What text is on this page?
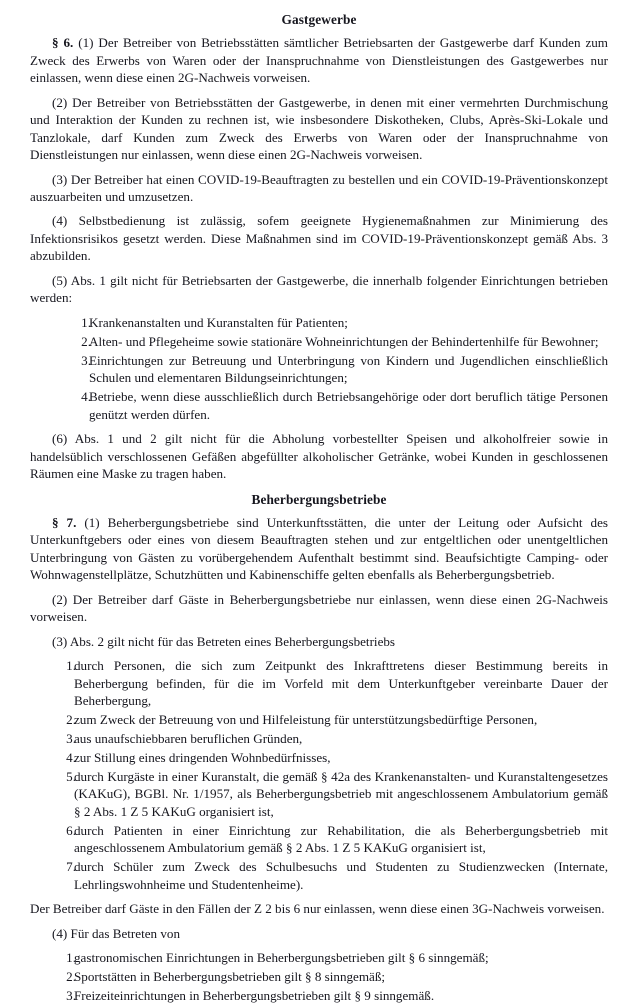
Gastgewerbe

§ 6. (1) Der Betreiber von Betriebsstätten sämtlicher Betriebsarten der Gastgewerbe darf Kunden zum Zweck des Erwerbs von Waren oder der Inanspruchnahme von Dienstleistungen des Gastgewerbes nur einlassen, wenn diese einen 2G-Nachweis vorweisen.

(2) Der Betreiber von Betriebsstätten der Gastgewerbe, in denen mit einer vermehrten Durchmischung und Interaktion der Kunden zu rechnen ist, wie insbesondere Diskotheken, Clubs, Après-Ski-Lokale und Tanzlokale, darf Kunden zum Zweck des Erwerbs von Waren oder der Inanspruchnahme von Dienstleistungen nur einlassen, wenn diese einen 2G-Nachweis vorweisen.

(3) Der Betreiber hat einen COVID-19-Beauftragten zu bestellen und ein COVID-19-Präventionskonzept auszuarbeiten und umzusetzen.

(4) Selbstbedienung ist zulässig, sofem geeignete Hygienemaßnahmen zur Minimierung des Infektionsrisikos gesetzt werden. Diese Maßnahmen sind im COVID-19-Präventionskonzept gemäß Abs. 3 abzubilden.

(5) Abs. 1 gilt nicht für Betriebsarten der Gastgewerbe, die innerhalb folgender Einrichtungen betrieben werden:

1.
Krankenanstalten und Kuranstalten für Patienten;
2.
Alten- und Pflegeheime sowie stationäre Wohneinrichtungen der Behindertenhilfe für Bewohner;
3.
Einrichtungen zur Betreuung und Unterbringung von Kindern und Jugendlichen einschließlich Schulen und elementaren Bildungseinrichtungen;
4.
Betriebe, wenn diese ausschließlich durch Betriebsangehörige oder dort beruflich tätige Personen genützt werden dürfen.

(6) Abs. 1 und 2 gilt nicht für die Abholung vorbestellter Speisen und alkoholfreier sowie in handelsüblich verschlossenen Gefäßen abgefüllter alkoholischer Getränke, wobei Kunden in geschlossenen Räumen eine Maske zu tragen haben.

Beherbergungsbetriebe

§ 7. (1) Beherbergungsbetriebe sind Unterkunftsstätten, die unter der Leitung oder Aufsicht des Unterkunftgebers oder eines von diesem Beauftragten stehen und zur entgeltlichen oder unentgeltlichen Unterbringung von Gästen zu vorübergehendem Aufenthalt bestimmt sind. Beaufsichtigte Camping- oder Wohnwagenstellplätze, Schutzhütten und Kabinenschiffe gelten ebenfalls als Beherbergungsbetrieb.

(2) Der Betreiber darf Gäste in Beherbergungsbetriebe nur einlassen, wenn diese einen 2G-Nachweis vorweisen.

(3) Abs. 2 gilt nicht für das Betreten eines Beherbergungsbetriebs

1.
durch Personen, die sich zum Zeitpunkt des Inkrafttretens dieser Bestimmung bereits in Beherbergung befinden, für die im Vorfeld mit dem Unterkunftgeber vereinbarte Dauer der Beherbergung,
2.
zum Zweck der Betreuung von und Hilfeleistung für unterstützungsbedürftige Personen,
3.
aus unaufschiebbaren beruflichen Gründen,
4.
zur Stillung eines dringenden Wohnbedürfnisses,
5.
durch Kurgäste in einer Kuranstalt, die gemäß § 42a des Krankenanstalten- und Kuranstaltengesetzes (KAKuG), BGBl. Nr. 1/1957, als Beherbergungsbetrieb mit angeschlossenem Ambulatorium gemäß § 2 Abs. 1 Z 5 KAKuG organisiert ist,
6.
durch Patienten in einer Einrichtung zur Rehabilitation, die als Beherbergungsbetrieb mit angeschlossenem Ambulatorium gemäß § 2 Abs. 1 Z 5 KAKuG organisiert ist,
7.
durch Schüler zum Zweck des Schulbesuchs und Studenten zu Studienzwecken (Internate, Lehrlingswohnheime und Studentenheime).

Der Betreiber darf Gäste in den Fällen der Z 2 bis 6 nur einlassen, wenn diese einen 3G-Nachweis vorweisen.

(4) Für das Betreten von

1.
gastronomischen Einrichtungen in Beherbergungsbetrieben gilt § 6 sinngemäß;
2.
Sportstätten in Beherbergungsbetrieben gilt § 8 sinngemäß;
3.
Freizeiteinrichtungen in Beherbergungsbetrieben gilt § 9 sinngemäß.
